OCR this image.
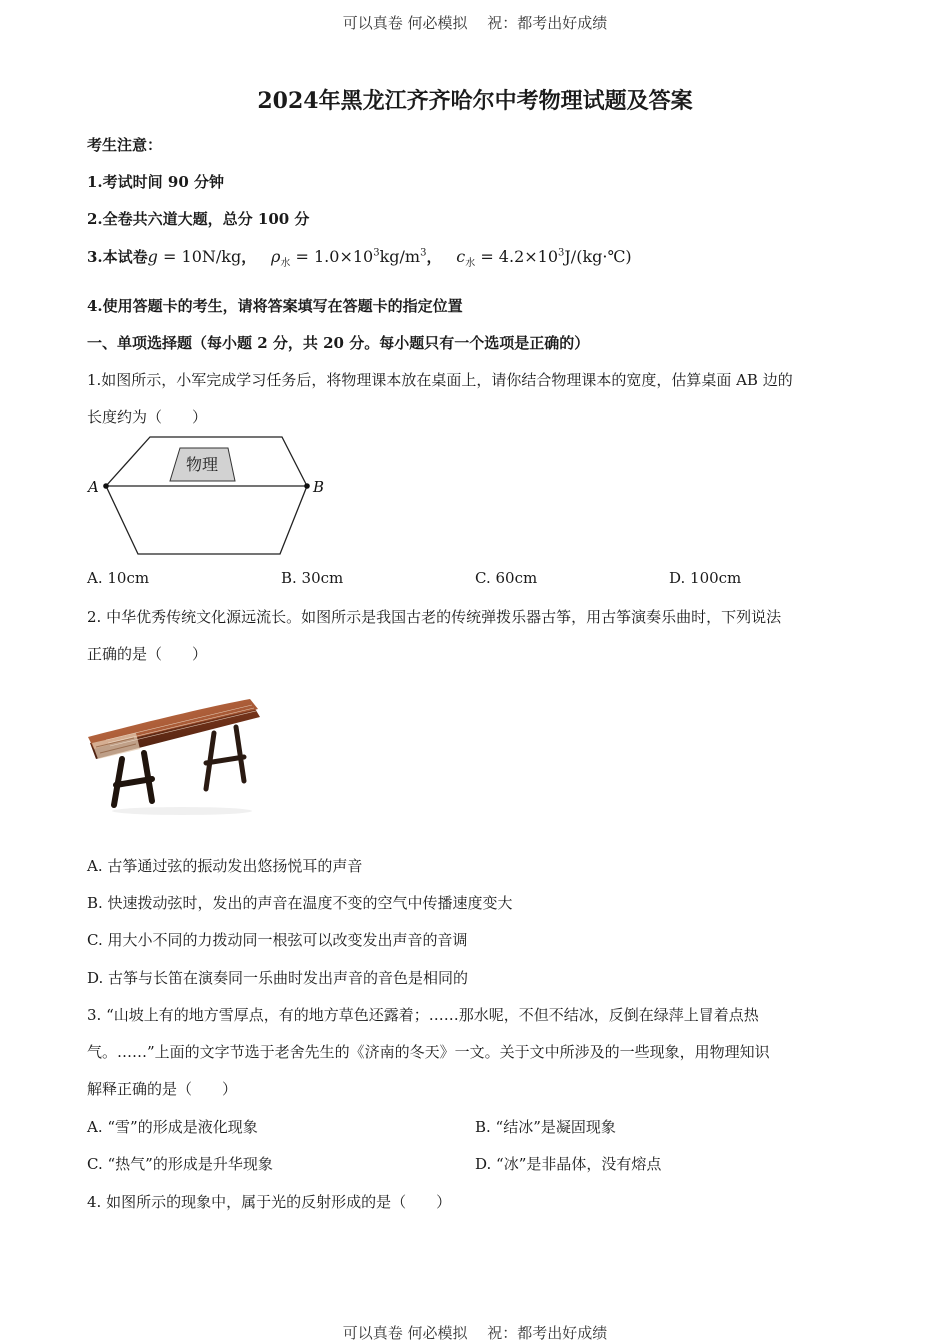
可以真卷 何必模拟　 祝：都考出好成绩
2024年黑龙江齐齐哈尔中考物理试题及答案
考生注意：
1.考试时间 90 分钟
2.全卷共六道大题，总分 100 分
3.本试卷g = 10N/kg， $\rho_水 = 1.0\times 10^3kg/m^3$， $c_水$ = $4.2\times 10^3J/(kg\cdot℃)$
4.使用答题卡的考生，请将答案填写在答题卡的指定位置
一、单项选择题（每小题 2 分，共 20 分。每小题只有一个选项是正确的）
1.如图所示，小军完成学习任务后，将物理课本放在桌面上，请你结合物理课本的宽度，估算桌面 AB 边的
长度约为（　　）
物理
A	B
A. 10cm	B. 30cm	C. 60cm	D. 100cm
2. 中华优秀传统文化源远流长。如图所示是我国古老的传统弹拨乐器古筝，用古筝演奏乐曲时，下列说法
正确的是（　　）
A. 古筝通过弦的振动发出悠扬悦耳的声音
B. 快速拨动弦时，发出的声音在温度不变的空气中传播速度变大
C. 用大小不同的力拨动同一根弦可以改变发出声音的音调
D. 古筝与长笛在演奏同一乐曲时发出声音的音色是相同的
3. “山坡上有的地方雪厚点，有的地方草色还露着；……那水呢，不但不结冰，反倒在绿萍上冒着点热
气。……”上面的文字节选于老舍先生的《济南的冬天》一文。关于文中所涉及的一些现象，用物理知识
解释正确的是（　　）
A. “雪”的形成是液化现象	B. “结冰”是凝固现象
C. “热气”的形成是升华现象	D. “冰”是非晶体，没有熔点
4. 如图所示的现象中，属于光的反射形成的是（　　）
可以真卷 何必模拟　 祝：都考出好成绩
